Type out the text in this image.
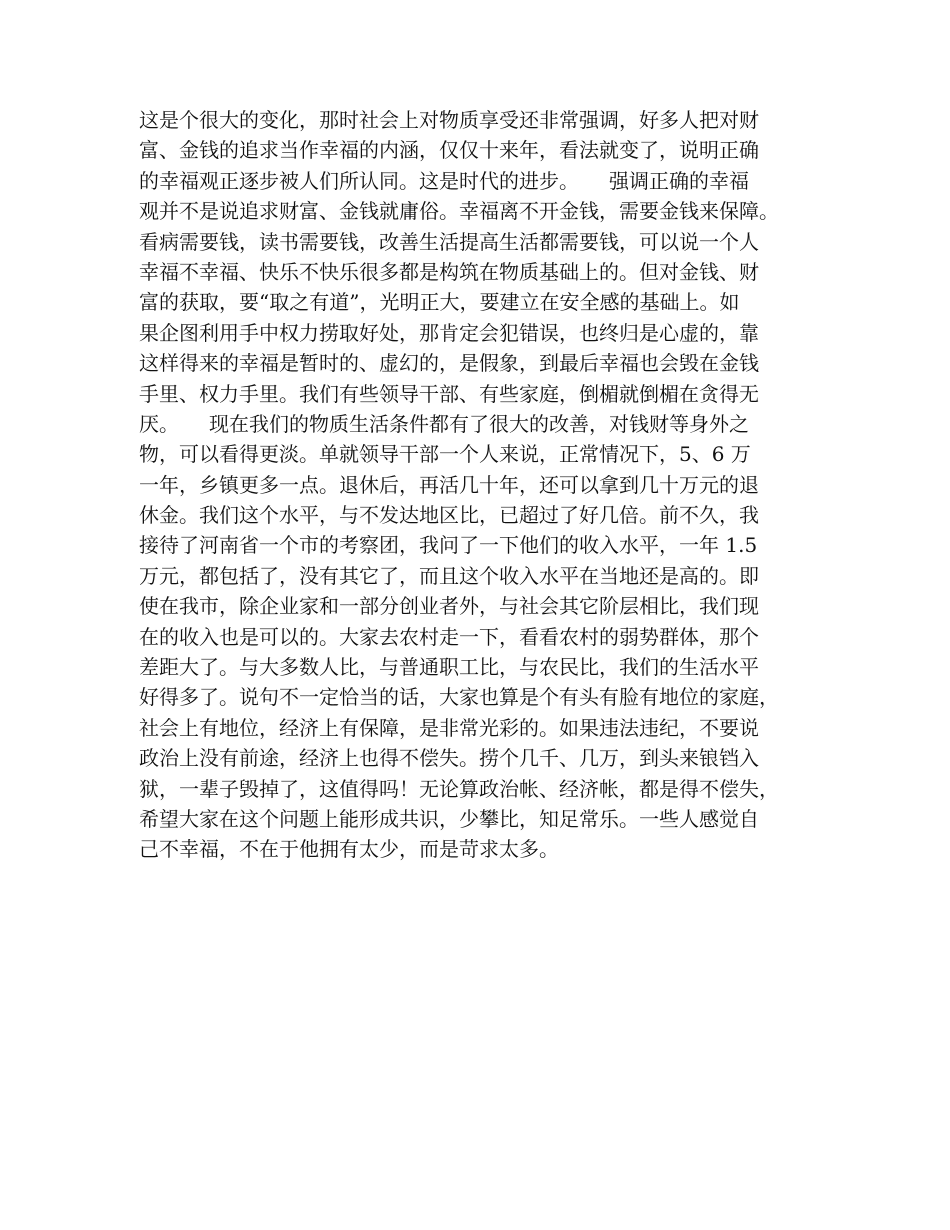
这是个很大的变化，那时社会上对物质享受还非常强调，好多人把对财
富、金钱的追求当作幸福的内涵，仅仅十来年，看法就变了，说明正确
的幸福观正逐步被人们所认同。这是时代的进步。　　强调正确的幸福
观并不是说追求财富、金钱就庸俗。幸福离不开金钱，需要金钱来保障。
看病需要钱，读书需要钱，改善生活提高生活都需要钱，可以说一个人
幸福不幸福、快乐不快乐很多都是构筑在物质基础上的。但对金钱、财
富的获取，要“取之有道”，光明正大，要建立在安全感的基础上。如
果企图利用手中权力捞取好处，那肯定会犯错误，也终归是心虚的，靠
这样得来的幸福是暂时的、虚幻的，是假象，到最后幸福也会毁在金钱
手里、权力手里。我们有些领导干部、有些家庭，倒楣就倒楣在贪得无
厌。　　现在我们的物质生活条件都有了很大的改善，对钱财等身外之
物，可以看得更淡。单就领导干部一个人来说，正常情况下，5、6 万
一年，乡镇更多一点。退休后，再活几十年，还可以拿到几十万元的退
休金。我们这个水平，与不发达地区比，已超过了好几倍。前不久，我
接待了河南省一个市的考察团，我问了一下他们的收入水平，一年 1.5
万元，都包括了，没有其它了，而且这个收入水平在当地还是高的。即
使在我市，除企业家和一部分创业者外，与社会其它阶层相比，我们现
在的收入也是可以的。大家去农村走一下，看看农村的弱势群体，那个
差距大了。与大多数人比，与普通职工比，与农民比，我们的生活水平
好得多了。说句不一定恰当的话，大家也算是个有头有脸有地位的家庭，
社会上有地位，经济上有保障，是非常光彩的。如果违法违纪，不要说
政治上没有前途，经济上也得不偿失。捞个几千、几万，到头来锒铛入
狱，一辈子毁掉了，这值得吗！无论算政治帐、经济帐，都是得不偿失，
希望大家在这个问题上能形成共识，少攀比，知足常乐。一些人感觉自
己不幸福，不在于他拥有太少，而是苛求太多。
